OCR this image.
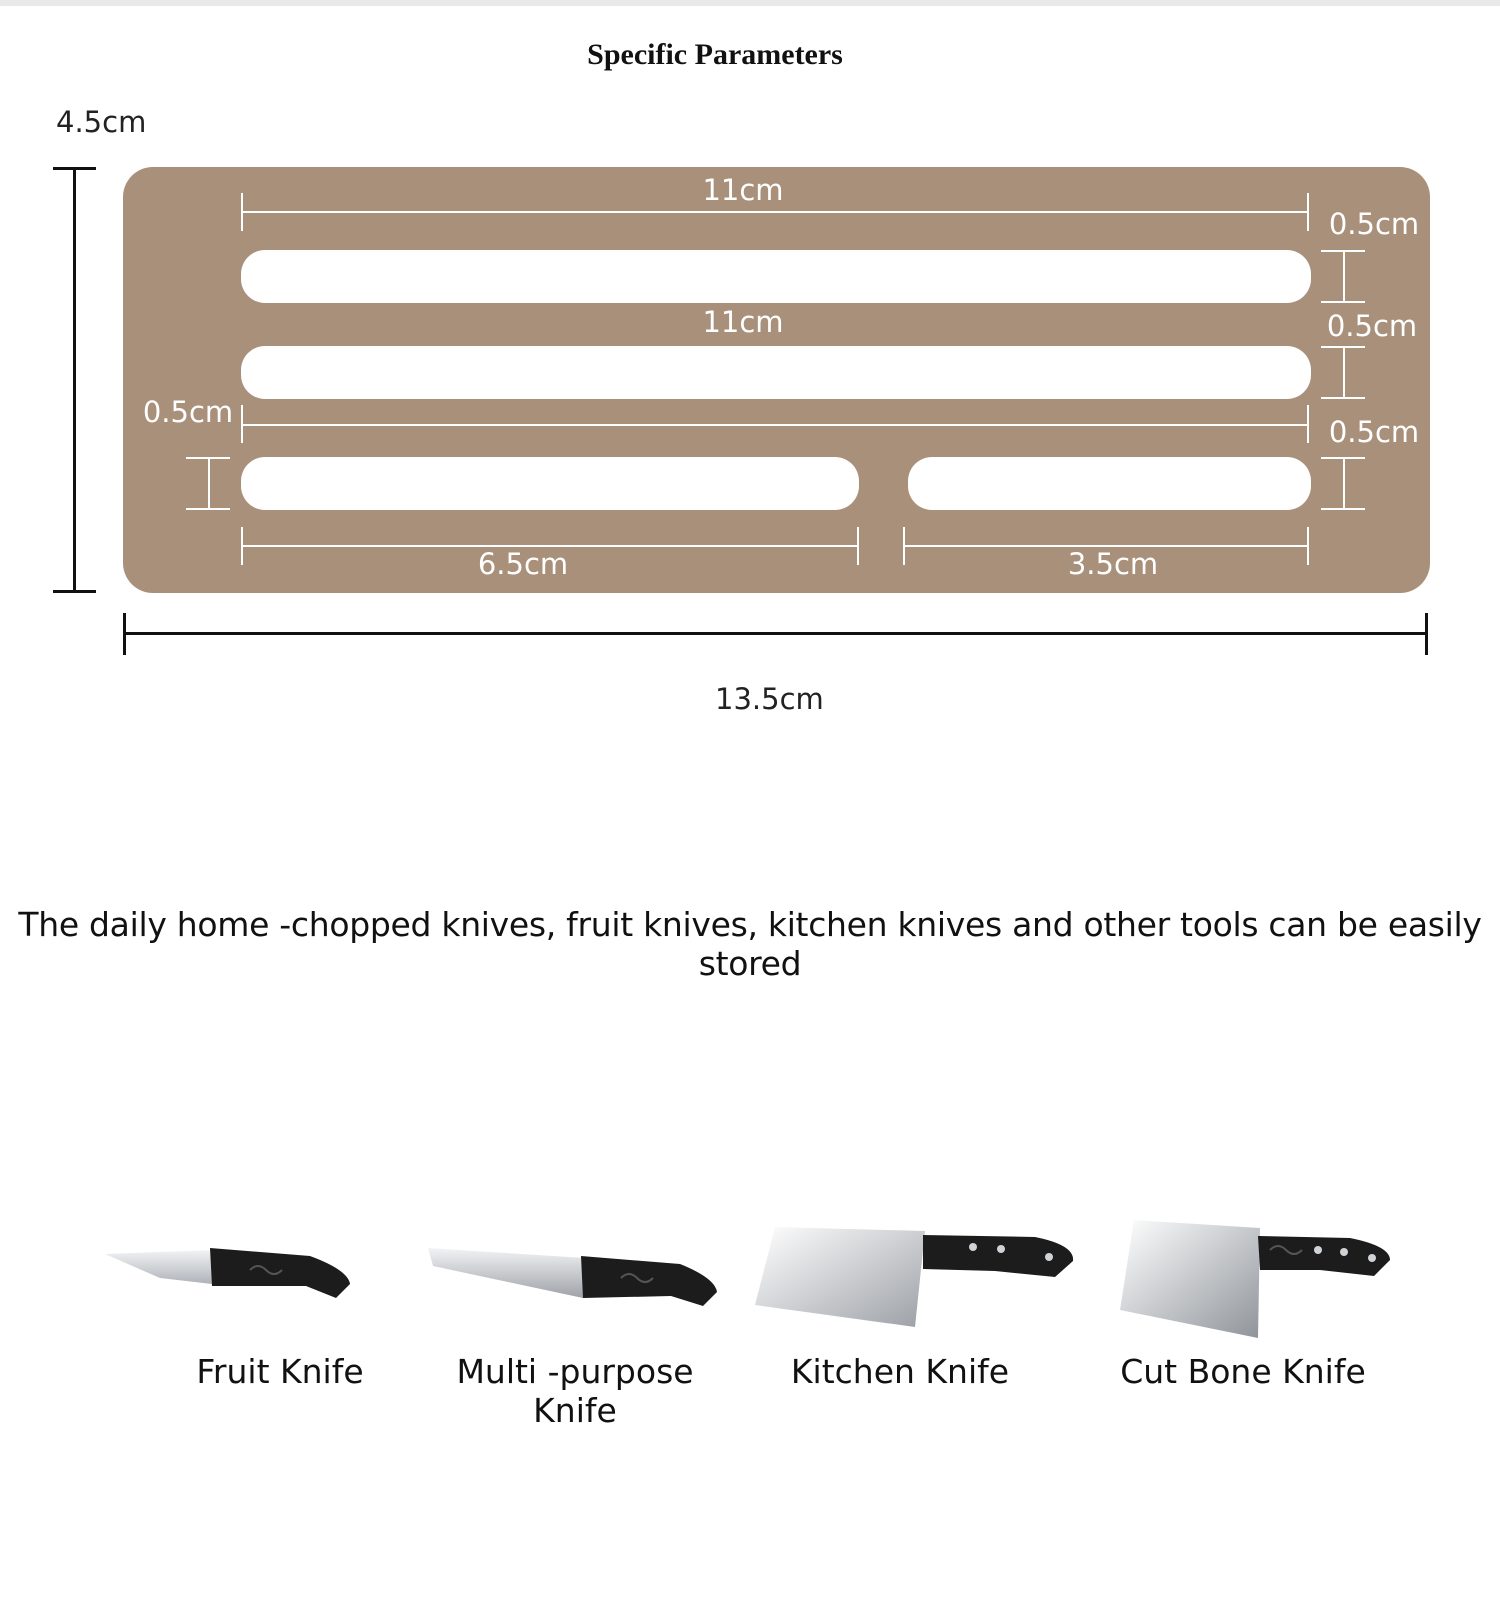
Specific Parameters
4.5cm
11cm
11cm
0.5cm
0.5cm
0.5cm
0.5cm
6.5cm	3.5cm
13.5cm
The daily home -chopped knives, fruit knives, kitchen knives and other tools can be easily stored
Fruit Knife	Multi -purpose Knife
Kitchen Knife	Cut Bone Knife
